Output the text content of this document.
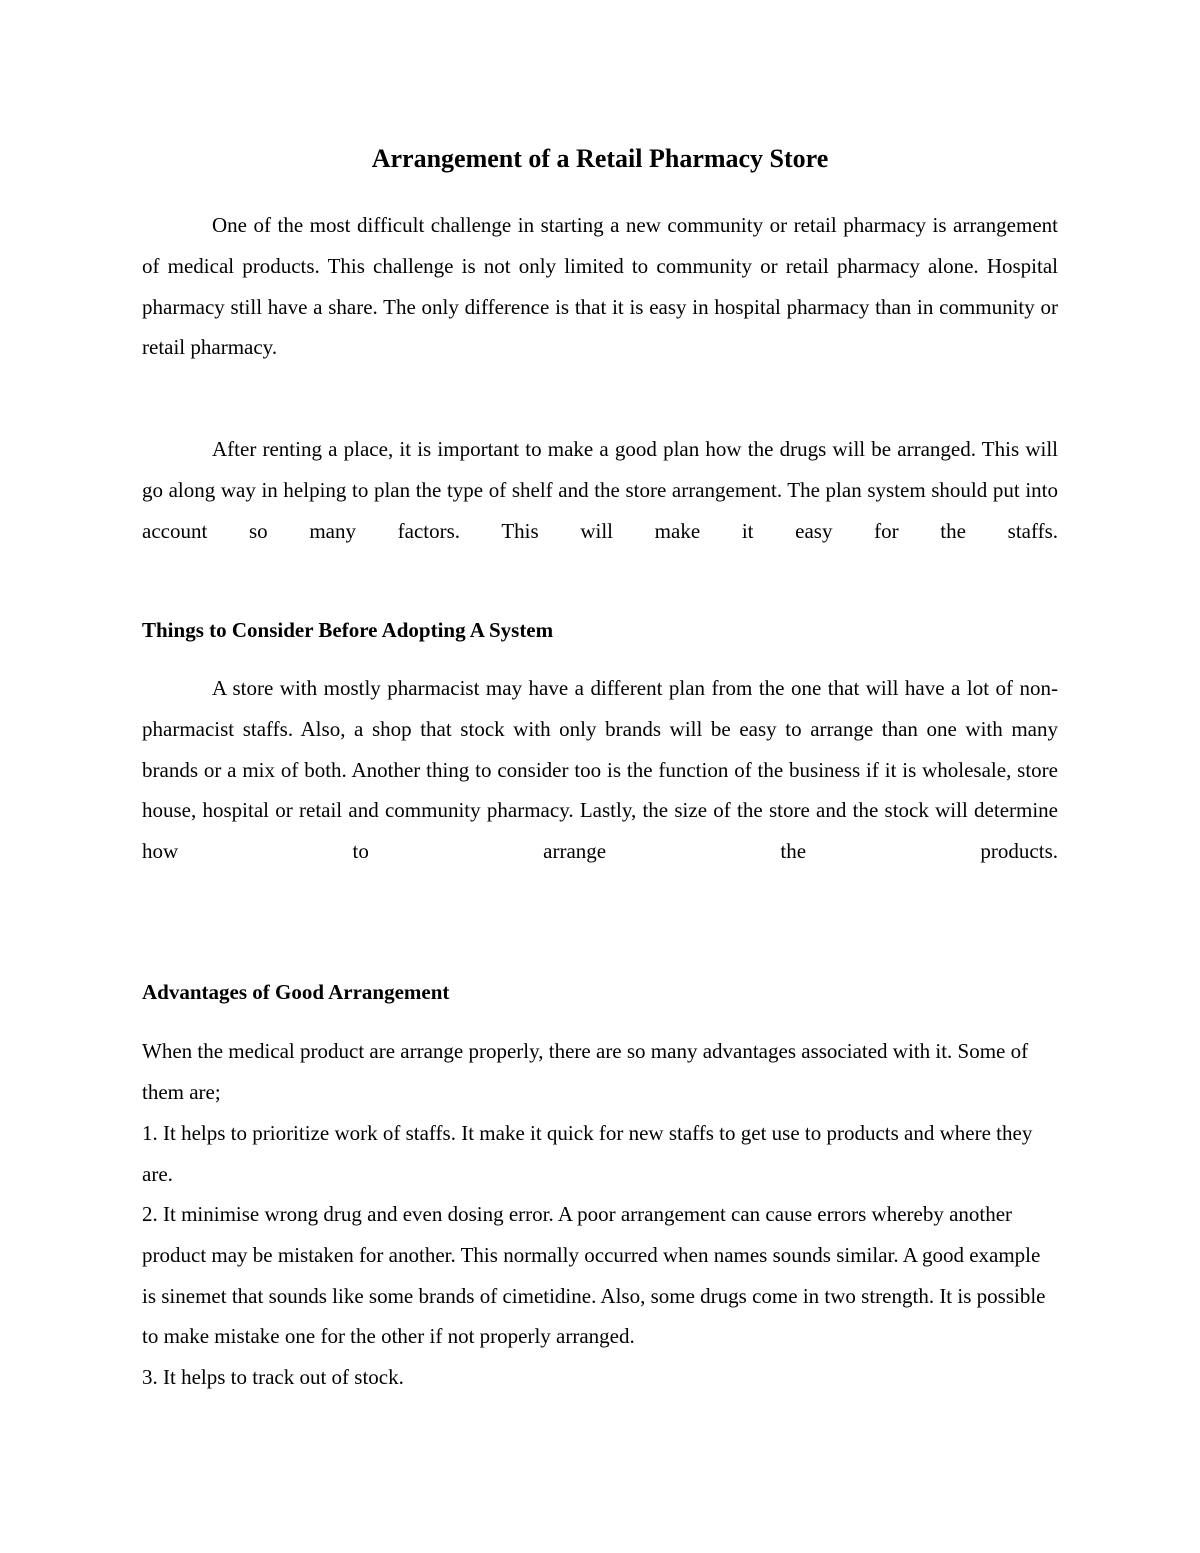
Arrangement of a Retail Pharmacy Store

One of the most difficult challenge in starting a new community or retail pharmacy is arrangement of medical products. This challenge is not only limited to community or retail pharmacy alone. Hospital pharmacy still have a share. The only difference is that it is easy in hospital pharmacy than in community or retail pharmacy.

After renting a place, it is important to make a good plan how the drugs will be arranged. This will go along way in helping to plan the type of shelf and the store arrangement. The plan system should put into account so many factors. This will make it easy for the staffs.

Things to Consider Before Adopting A System

A store with mostly pharmacist may have a different plan from the one that will have a lot of non-pharmacist staffs. Also, a shop that stock with only brands will be easy to arrange than one with many brands or a mix of both. Another thing to consider too is the function of the business if it is wholesale, store house, hospital or retail and community pharmacy. Lastly, the size of the store and the stock will determine how to arrange the products.

Advantages of Good Arrangement

When the medical product are arrange properly, there are so many advantages associated with it. Some of them are;

1. It helps to prioritize work of staffs. It make it quick for new staffs to get use to products and where they are.

2. It minimise wrong drug and even dosing error. A poor arrangement can cause errors whereby another product may be mistaken for another. This normally occurred when names sounds similar. A good example is sinemet that sounds like some brands of cimetidine. Also, some drugs come in two strength. It is possible to make mistake one for the other if not properly arranged.

3. It helps to track out of stock.
